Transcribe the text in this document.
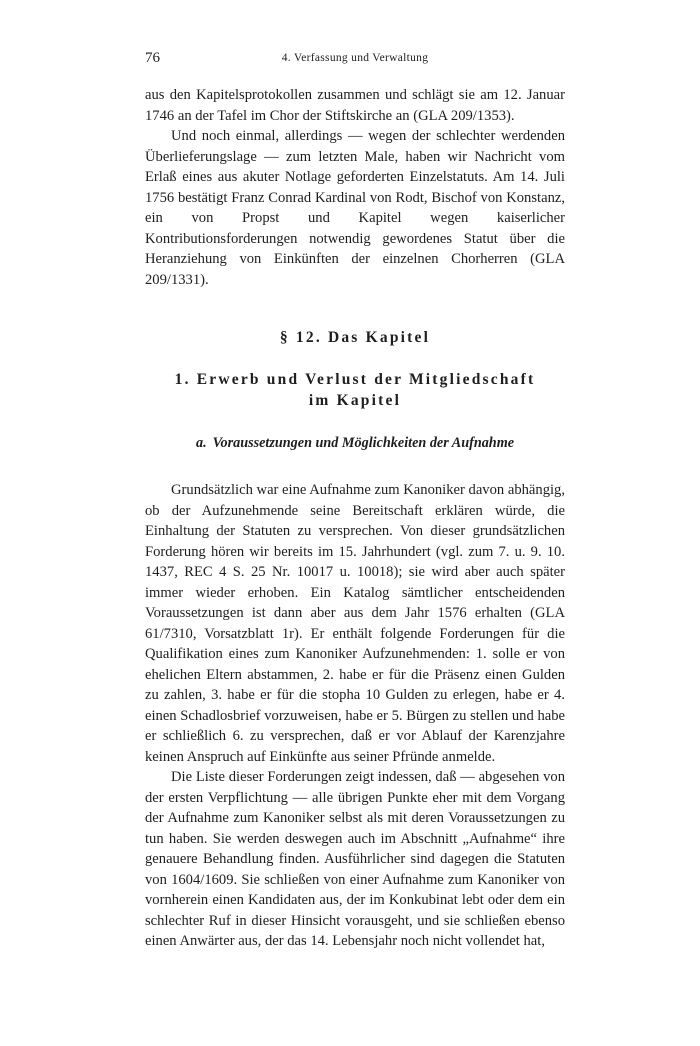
76	4. Verfassung und Verwaltung

aus den Kapitelsprotokollen zusammen und schlägt sie am 12. Januar 1746 an der Tafel im Chor der Stiftskirche an (GLA 209/1353).

Und noch einmal, allerdings — wegen der schlechter werdenden Überlieferungslage — zum letzten Male, haben wir Nachricht vom Erlaß eines aus akuter Notlage geforderten Einzelstatuts. Am 14. Juli 1756 bestätigt Franz Conrad Kardinal von Rodt, Bischof von Konstanz, ein von Propst und Kapitel wegen kaiserlicher Kontributionsforderungen notwendig gewordenes Statut über die Heranziehung von Einkünften der einzelnen Chorherren (GLA 209/1331).

§ 12. Das Kapitel
1. Erwerb und Verlust der Mitgliedschaft
im Kapitel
a. Voraussetzungen und Möglichkeiten der Aufnahme

Grundsätzlich war eine Aufnahme zum Kanoniker davon abhängig, ob der Aufzunehmende seine Bereitschaft erklären würde, die Einhaltung der Statuten zu versprechen. Von dieser grundsätzlichen Forderung hören wir bereits im 15. Jahrhundert (vgl. zum 7. u. 9. 10. 1437, REC 4 S. 25 Nr. 10017 u. 10018); sie wird aber auch später immer wieder erhoben. Ein Katalog sämtlicher entscheidenden Voraussetzungen ist dann aber aus dem Jahr 1576 erhalten (GLA 61/7310, Vorsatzblatt 1r). Er enthält folgende Forderungen für die Qualifikation eines zum Kanoniker Aufzunehmenden: 1. solle er von ehelichen Eltern abstammen, 2. habe er für die Präsenz einen Gulden zu zahlen, 3. habe er für die stopha 10 Gulden zu erlegen, habe er 4. einen Schadlosbrief vorzuweisen, habe er 5. Bürgen zu stellen und habe er schließlich 6. zu versprechen, daß er vor Ablauf der Karenzjahre keinen Anspruch auf Einkünfte aus seiner Pfründe anmelde.

Die Liste dieser Forderungen zeigt indessen, daß — abgesehen von der ersten Verpflichtung — alle übrigen Punkte eher mit dem Vorgang der Aufnahme zum Kanoniker selbst als mit deren Voraussetzungen zu tun haben. Sie werden deswegen auch im Abschnitt „Aufnahme“ ihre genauere Behandlung finden. Ausführlicher sind dagegen die Statuten von 1604/1609. Sie schließen von einer Aufnahme zum Kanoniker von vornherein einen Kandidaten aus, der im Konkubinat lebt oder dem ein schlechter Ruf in dieser Hinsicht vorausgeht, und sie schließen ebenso einen Anwärter aus, der das 14. Lebensjahr noch nicht vollendet hat,
